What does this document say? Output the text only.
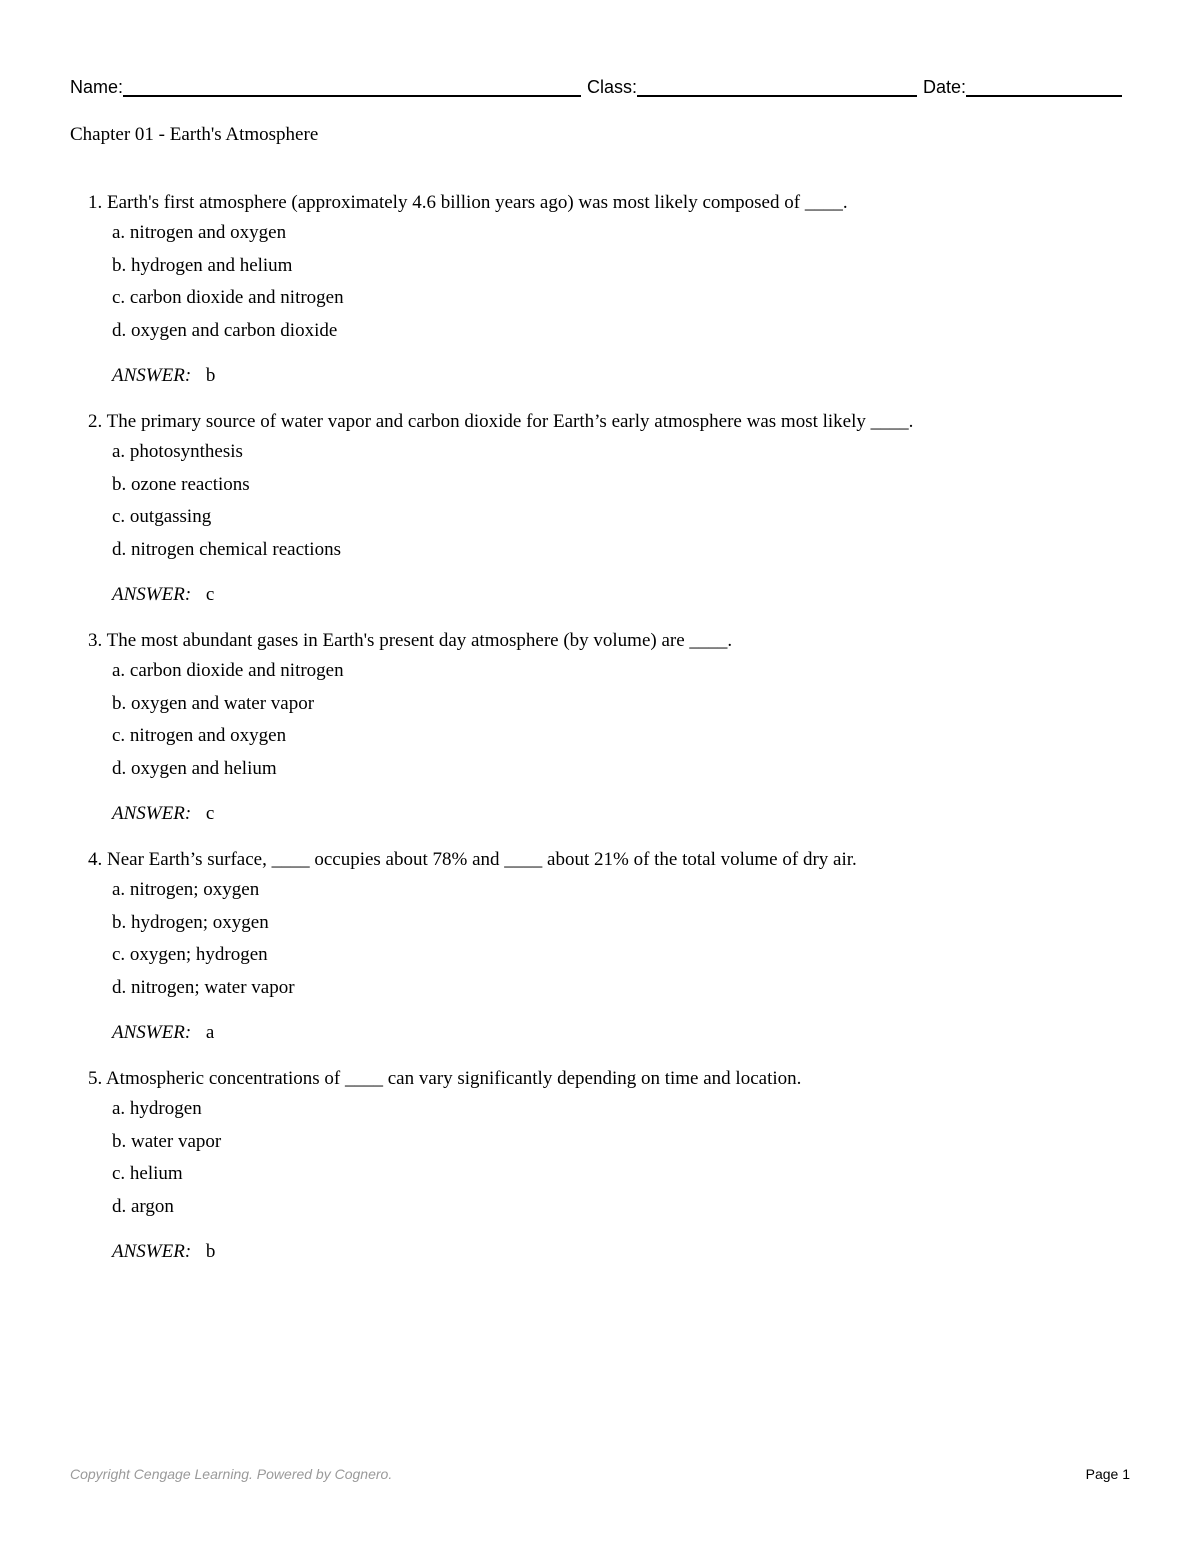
Name:	Class:	Date:
Chapter 01 - Earth's Atmosphere
1. Earth's first atmosphere (approximately 4.6 billion years ago) was most likely composed of ____.
a. nitrogen and oxygen
b. hydrogen and helium
c. carbon dioxide and nitrogen
d. oxygen and carbon dioxide
ANSWER: b
2. The primary source of water vapor and carbon dioxide for Earth’s early atmosphere was most likely ____.
a. photosynthesis
b. ozone reactions
c. outgassing
d. nitrogen chemical reactions
ANSWER: c
3. The most abundant gases in Earth's present day atmosphere (by volume) are ____.
a. carbon dioxide and nitrogen
b. oxygen and water vapor
c. nitrogen and oxygen
d. oxygen and helium
ANSWER: c
4. Near Earth’s surface, ____ occupies about 78% and ____ about 21% of the total volume of dry air.
a. nitrogen; oxygen
b. hydrogen; oxygen
c. oxygen; hydrogen
d. nitrogen; water vapor
ANSWER: a
5. Atmospheric concentrations of ____ can vary significantly depending on time and location.
a. hydrogen
b. water vapor
c. helium
d. argon
ANSWER: b
Copyright Cengage Learning. Powered by Cognero.	Page 1
